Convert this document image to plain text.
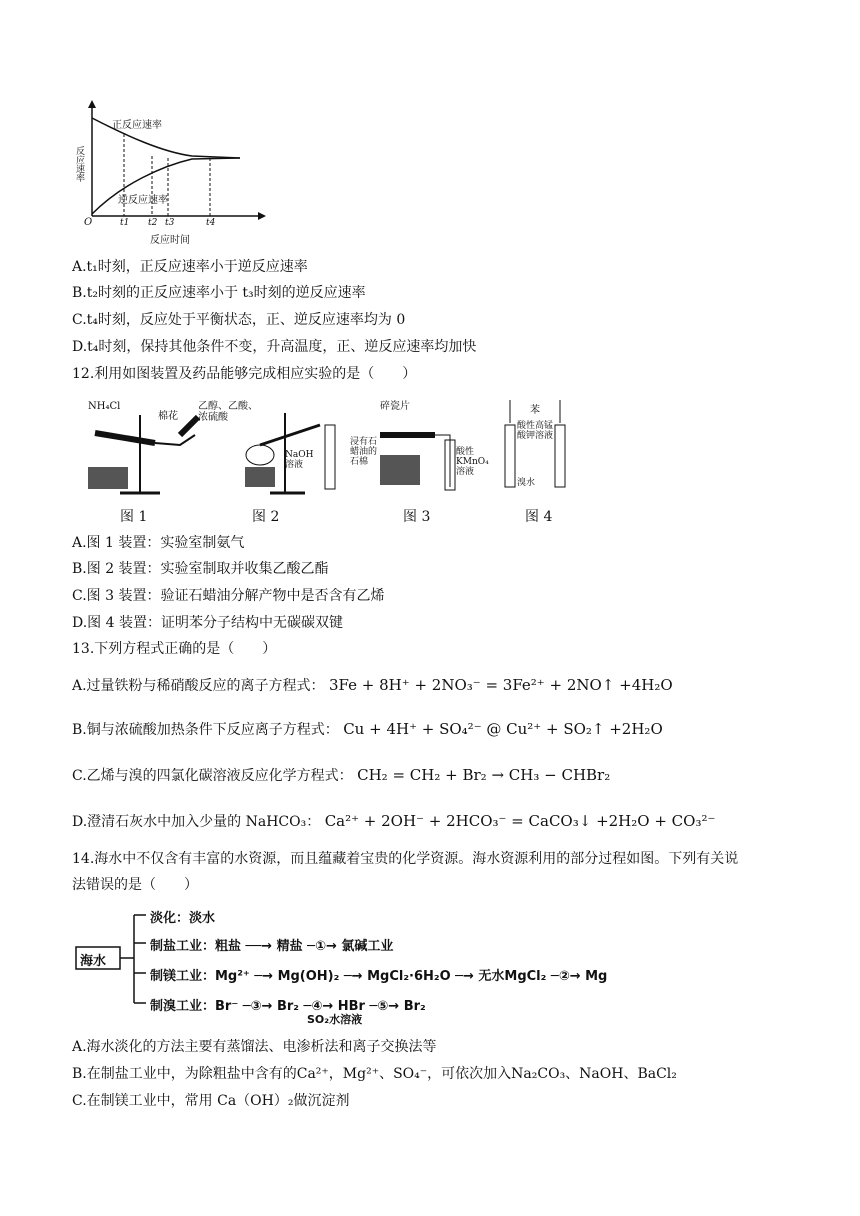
正反应速率
逆反应速率
反应速率
反应时间
O	t1 t2 t3	t4
A.t₁时刻，正反应速率小于逆反应速率
B.t₂时刻的正反应速率小于 t₃时刻的逆反应速率
C.t₄时刻，反应处于平衡状态，正、逆反应速率均为 0
D.t₄时刻，保持其他条件不变，升高温度，正、逆反应速率均加快
12.利用如图装置及药品能够完成相应实验的是（　　）
NH₄Cl
棉花
乙醇、乙酸、浓硫酸
NaOH溶液
碎瓷片
浸有石蜡油的石棉
酸性KMnO₄溶液
苯
酸性高锰酸钾溶液
溴水
图 1	图 2	图 3	图 4
A.图 1 装置：实验室制氨气
B.图 2 装置：实验室制取并收集乙酸乙酯
C.图 3 装置：验证石蜡油分解产物中是否含有乙烯
D.图 4 装置：证明苯分子结构中无碳碳双键
13.下列方程式正确的是（　　）
A.过量铁粉与稀硝酸反应的离子方程式： 3Fe + 8H⁺ + 2NO₃⁻ = 3Fe²⁺ + 2NO↑ +4H₂O
B.铜与浓硫酸加热条件下反应离子方程式： Cu + 4H⁺ + SO₄²⁻ @ Cu²⁺ + SO₂↑ +2H₂O
C.乙烯与溴的四氯化碳溶液反应化学方程式： CH₂ = CH₂ + Br₂ → CH₃ − CHBr₂
D.澄清石灰水中加入少量的 NaHCO₃： Ca²⁺ + 2OH⁻ + 2HCO₃⁻ = CaCO₃↓ +2H₂O + CO₃²⁻
14.海水中不仅含有丰富的水资源，而且蕴藏着宝贵的化学资源。海水资源利用的部分过程如图。下列有关说
法错误的是（　　）
海水
淡化：淡水
制盐工业：粗盐 ──→ 精盐 ─①→ 氯碱工业
制镁工业：Mg²⁺ ─→ Mg(OH)₂ ─→ MgCl₂·6H₂O ─→ 无水MgCl₂ ─②→ Mg
制溴工业：Br⁻ ─③→ Br₂ ─④→ HBr ─⑤→ Br₂
SO₂水溶液
A.海水淡化的方法主要有蒸馏法、电渗析法和离子交换法等
B.在制盐工业中，为除粗盐中含有的Ca²⁺，Mg²⁺、SO₄⁻，可依次加入Na₂CO₃、NaOH、BaCl₂
C.在制镁工业中，常用 Ca（OH）₂做沉淀剂
